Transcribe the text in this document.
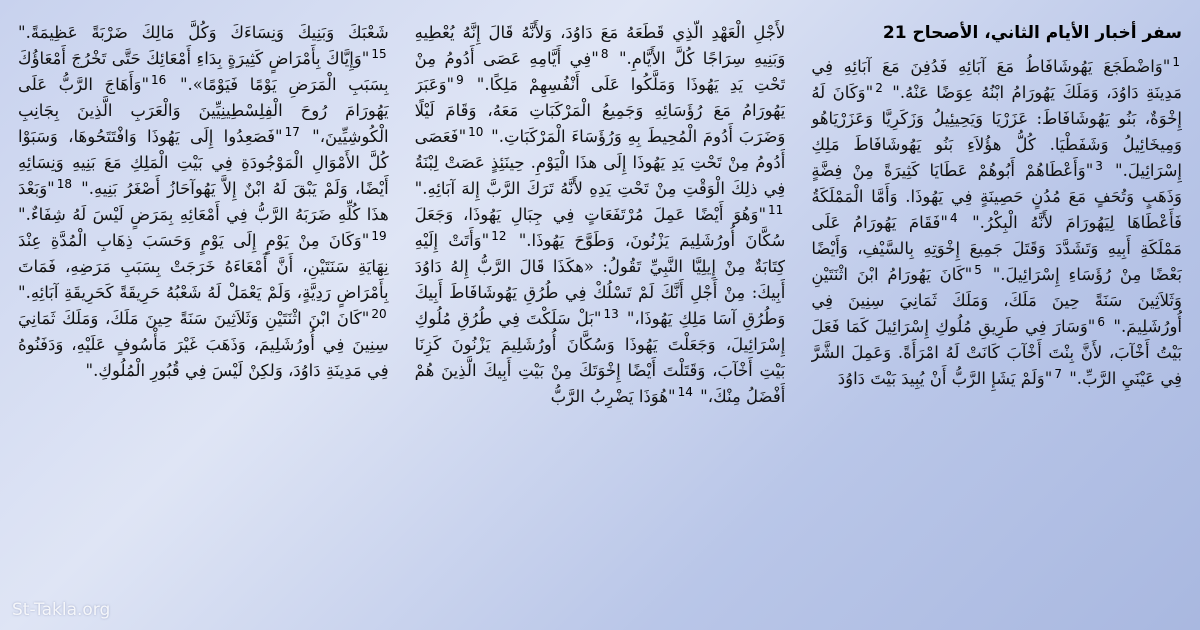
سفر أخبار الأيام الثاني، الأصحاح 21

$^1$"وَاضْطَجَعَ يَهُوشَافَاطُ مَعَ آبَائِهِ فَدُفِنَ مَعَ آبَائِهِ فِي مَدِينَةِ دَاوُدَ، وَمَلَكَ يَهُورَامُ ابْنُهُ عِوَضًا عَنْهُ." $^2$"وَكَانَ لَهُ إِخْوَةٌ، بَنُو يَهُوشَافَاطَ: عَزَرْيَا وَيَحِيئِيلُ وَزَكَرِيَّا وَعَزَرْيَاهُو وَمِيخَائِيلُ وَشَفَطْيَا. كُلُّ هؤُلاَءِ بَنُو يَهُوشَافَاطَ مَلِكِ إِسْرَائِيلَ." $^3$"وَأَعْطَاهُمْ أَبُوهُمْ عَطَايَا كَثِيرَةً مِنْ فِضَّةٍ وَذَهَبٍ وَتُحَفٍ مَعَ مُدُنٍ حَصِينَةٍ فِي يَهُوذَا. وَأَمَّا الْمَمْلَكَةُ فَأَعْطَاهَا لِيَهُورَامَ لأَنَّهُ الْبِكْرُ." $^4$"فَقَامَ يَهُورَامُ عَلَى مَمْلَكَةِ أَبِيهِ وَتَشَدَّدَ وَقَتَلَ جَمِيعَ إِخْوَتِهِ بِالسَّيْفِ، وَأَيْضًا بَعْضًا مِنْ رُؤَسَاءِ إِسْرَائِيلَ." $^5$"كَانَ يَهُورَامُ ابْنَ اثْنَتَيْنِ وَثَلاَثِينَ سَنَةً حِينَ مَلَكَ، وَمَلَكَ ثَمَانِيَ سِنِينَ فِي أُورُشَلِيمَ." $^6$"وَسَارَ فِي طَرِيقِ مُلُوكِ إِسْرَائِيلَ كَمَا فَعَلَ بَيْتُ أَخْآبَ، لأَنَّ بِنْتَ أَخْآبَ كَانَتْ لَهُ امْرَأَةً. وَعَمِلَ الشَّرَّ فِي عَيْنَيِ الرَّبِّ." $^7$"وَلَمْ يَشَإِ الرَّبُّ أَنْ يُبِيدَ بَيْتَ دَاوُدَ

لأَجْلِ الْعَهْدِ الَّذِي قَطَعَهُ مَعَ دَاوُدَ، وَلأَنَّهُ قَالَ إِنَّهُ يُعْطِيهِ وَبَنِيهِ سِرَاجًا كُلَّ الأَيَّامِ." $^8$"فِي أَيَّامِهِ عَصَى أَدُومُ مِنْ تَحْتِ يَدِ يَهُوذَا وَمَلَّكُوا عَلَى أَنْفُسِهِمْ مَلِكًا." $^9$"وَعَبَرَ يَهُورَامُ مَعَ رُؤَسَائِهِ وَجَمِيعُ الْمَرْكَبَاتِ مَعَهُ، وَقَامَ لَيْلًا وَضَرَبَ أَدُومَ الْمُحِيطَ بِهِ وَرُؤَسَاءَ الْمَرْكَبَاتِ." $^{10}$"فَعَصَى أَدُومُ مِنْ تَحْتِ يَدِ يَهُوذَا إِلَى هذَا الْيَوْمِ. حِينَئِذٍ عَصَتْ لِبْنَةُ فِي ذلِكَ الْوَقْتِ مِنْ تَحْتِ يَدِهِ لأَنَّهُ تَرَكَ الرَّبَّ إِلهَ آبَائِهِ." $^{11}$"وَهُوَ أَيْضًا عَمِلَ مُرْتَفَعَاتٍ فِي جِبَالِ يَهُوذَا، وَجَعَلَ سُكَّانَ أُورُشَلِيمَ يَزْنُونَ، وَطَوَّحَ يَهُوذَا." $^{12}$"وَأَتَتْ إِلَيْهِ كِتَابَةٌ مِنْ إِيلِيَّا النَّبِيِّ تَقُولُ: «هكَذَا قَالَ الرَّبُّ إِلهُ دَاوُدَ أَبِيكَ: مِنْ أَجْلِ أَنَّكَ لَمْ تَسْلُكْ فِي طُرُقِ يَهُوشَافَاطَ أَبِيكَ وَطُرُقِ آسَا مَلِكِ يَهُوذَا،" $^{13}$"بَلْ سَلَكْتَ فِي طُرُقِ مُلُوكِ إِسْرَائِيلَ، وَجَعَلْتَ يَهُوذَا وَسُكَّانَ أُورُشَلِيمَ يَزْنُونَ كَزِنَا بَيْتِ أَخْآبَ، وَقَتَلْتَ أَيْضًا إِخْوَتَكَ مِنْ بَيْتِ أَبِيكَ الَّذِينَ هُمْ أَفْضَلُ مِنْكَ،" $^{14}$"هُوَذَا يَضْرِبُ الرَّبُّ

شَعْبَكَ وَبَنِيكَ وَنِسَاءَكَ وَكُلَّ مَالِكَ ضَرْبَةً عَظِيمَةً." $^{15}$"وَإِيَّاكَ بِأَمْرَاضٍ كَثِيرَةٍ بِدَاءِ أَمْعَائِكَ حَتَّى تَخْرُجَ أَمْعَاؤُكَ بِسَبَبِ الْمَرَضِ يَوْمًا فَيَوْمًا»." $^{16}$"وَأَهَاجَ الرَّبُّ عَلَى يَهُورَامَ رُوحَ الْفِلِسْطِينِيِّينَ وَالْعَرَبِ الَّذِينَ بِجَانِبِ الْكُوشِيِّينَ،" $^{17}$"فَصَعِدُوا إِلَى يَهُوذَا وَافْتَتَحُوهَا، وَسَبَوْا كُلَّ الأَمْوَالِ الْمَوْجُودَةِ فِي بَيْتِ الْمَلِكِ مَعَ بَنِيهِ وَنِسَائِهِ أَيْضًا، وَلَمْ يَبْقَ لَهُ ابْنٌ إِلاَّ يَهُوآحَازُ أَصْغَرُ بَنِيهِ." $^{18}$"وَبَعْدَ هذَا كُلِّهِ ضَرَبَهُ الرَّبُّ فِي أَمْعَائِهِ بِمَرَضٍ لَيْسَ لَهُ شِفَاءٌ." $^{19}$"وَكَانَ مِنْ يَوْمٍ إِلَى يَوْمٍ وَحَسَبَ ذِهَابِ الْمُدَّةِ عِنْدَ نِهَايَةِ سَنَتَيْنِ، أَنَّ أَمْعَاءَهُ خَرَجَتْ بِسَبَبِ مَرَضِهِ، فَمَاتَ بِأَمْرَاضٍ رَدِيَّةٍ، وَلَمْ يَعْمَلْ لَهُ شَعْبُهُ حَرِيقَةً كَحَرِيقَةِ آبَائِهِ." $^{20}$"كَانَ ابْنَ اثْنَتَيْنِ وَثَلاَثِينَ سَنَةً حِينَ مَلَكَ، وَمَلَكَ ثَمَانِيَ سِنِينَ فِي أُورُشَلِيمَ، وَذَهَبَ غَيْرَ مَأْسُوفٍ عَلَيْهِ، وَدَفَنُوهُ فِي مَدِينَةِ دَاوُدَ، وَلكِنْ لَيْسَ فِي قُبُورِ الْمُلُوكِ."

St-Takla.org
